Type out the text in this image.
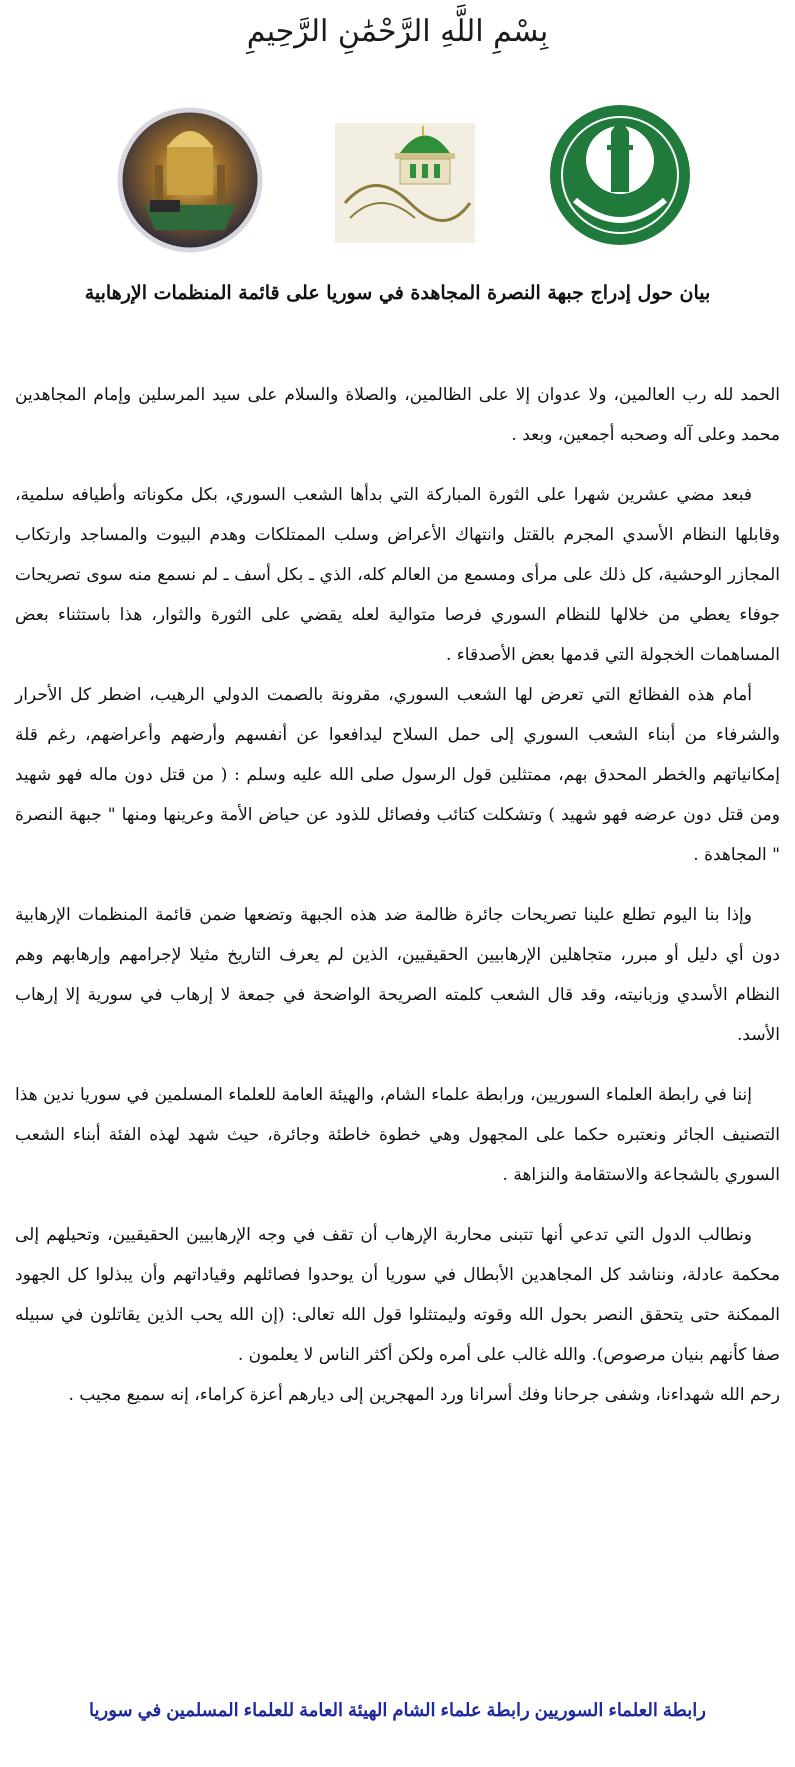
بِسْمِ اللَّهِ الرَّحْمَٰنِ الرَّحِيمِ
بيان حول إدراج جبهة النصرة المجاهدة في سوريا على قائمة المنظمات الإرهابية

الحمد لله رب العالمين، ولا عدوان إلا على الظالمين، والصلاة والسلام على سيد المرسلين وإمام المجاهدين محمد وعلى آله وصحبه أجمعين، وبعد .

فبعد مضي عشرين شهرا على الثورة المباركة التي بدأها الشعب السوري، بكل مكوناته وأطيافه سلمية، وقابلها النظام الأسدي المجرم بالقتل وانتهاك الأعراض وسلب الممتلكات وهدم البيوت والمساجد وارتكاب المجازر الوحشية، كل ذلك على مرأى ومسمع من العالم كله، الذي ـ بكل أسف ـ لم نسمع منه سوى تصريحات جوفاء يعطي من خلالها للنظام السوري فرصا متوالية لعله يقضي على الثورة والثوار، هذا باستثناء بعض المساهمات الخجولة التي قدمها بعض الأصدقاء .

أمام هذه الفظائع التي تعرض لها الشعب السوري، مقرونة بالصمت الدولي الرهيب، اضطر كل الأحرار والشرفاء من أبناء الشعب السوري إلى حمل السلاح ليدافعوا عن أنفسهم وأرضهم وأعراضهم، رغم قلة إمكانياتهم والخطر المحدق بهم، ممتثلين قول الرسول صلى الله عليه وسلم : ( من قتل دون ماله فهو شهيد ومن قتل دون عرضه فهو شهيد ) وتشكلت كتائب وفصائل للذود عن حياض الأمة وعرينها ومنها " جبهة النصرة " المجاهدة .

وإذا بنا اليوم تطلع علينا تصريحات جائرة ظالمة ضد هذه الجبهة وتضعها ضمن قائمة المنظمات الإرهابية دون أي دليل أو مبرر، متجاهلين الإرهابيين الحقيقيين، الذين لم يعرف التاريخ مثيلا لإجرامهم وإرهابهم وهم النظام الأسدي وزبانيته، وقد قال الشعب كلمته الصريحة الواضحة في جمعة لا إرهاب في سورية إلا إرهاب الأسد.

إننا في رابطة العلماء السوريين، ورابطة علماء الشام، والهيئة العامة للعلماء المسلمين في سوريا ندين هذا التصنيف الجائر ونعتبره حكما على المجهول وهي خطوة خاطئة وجائرة، حيث شهد لهذه الفئة أبناء الشعب السوري بالشجاعة والاستقامة والنزاهة .

ونطالب الدول التي تدعي أنها تتبنى محاربة الإرهاب أن تقف في وجه الإرهابيين الحقيقيين، وتحيلهم إلى محكمة عادلة، ونناشد كل المجاهدين الأبطال في سوريا أن يوحدوا فصائلهم وقياداتهم وأن يبذلوا كل الجهود الممكنة حتى يتحقق النصر بحول الله وقوته وليمتثلوا قول الله تعالى: (إن الله يحب الذين يقاتلون في سبيله صفا كأنهم بنيان مرصوص). والله غالب على أمره ولكن أكثر الناس لا يعلمون .

رحم الله شهداءنا، وشفى جرحانا وفك أسرانا ورد المهجرين إلى ديارهم أعزة كراماء، إنه سميع مجيب .

رابطة العلماء السوريين رابطة علماء الشام الهيئة العامة للعلماء المسلمين في سوريا
